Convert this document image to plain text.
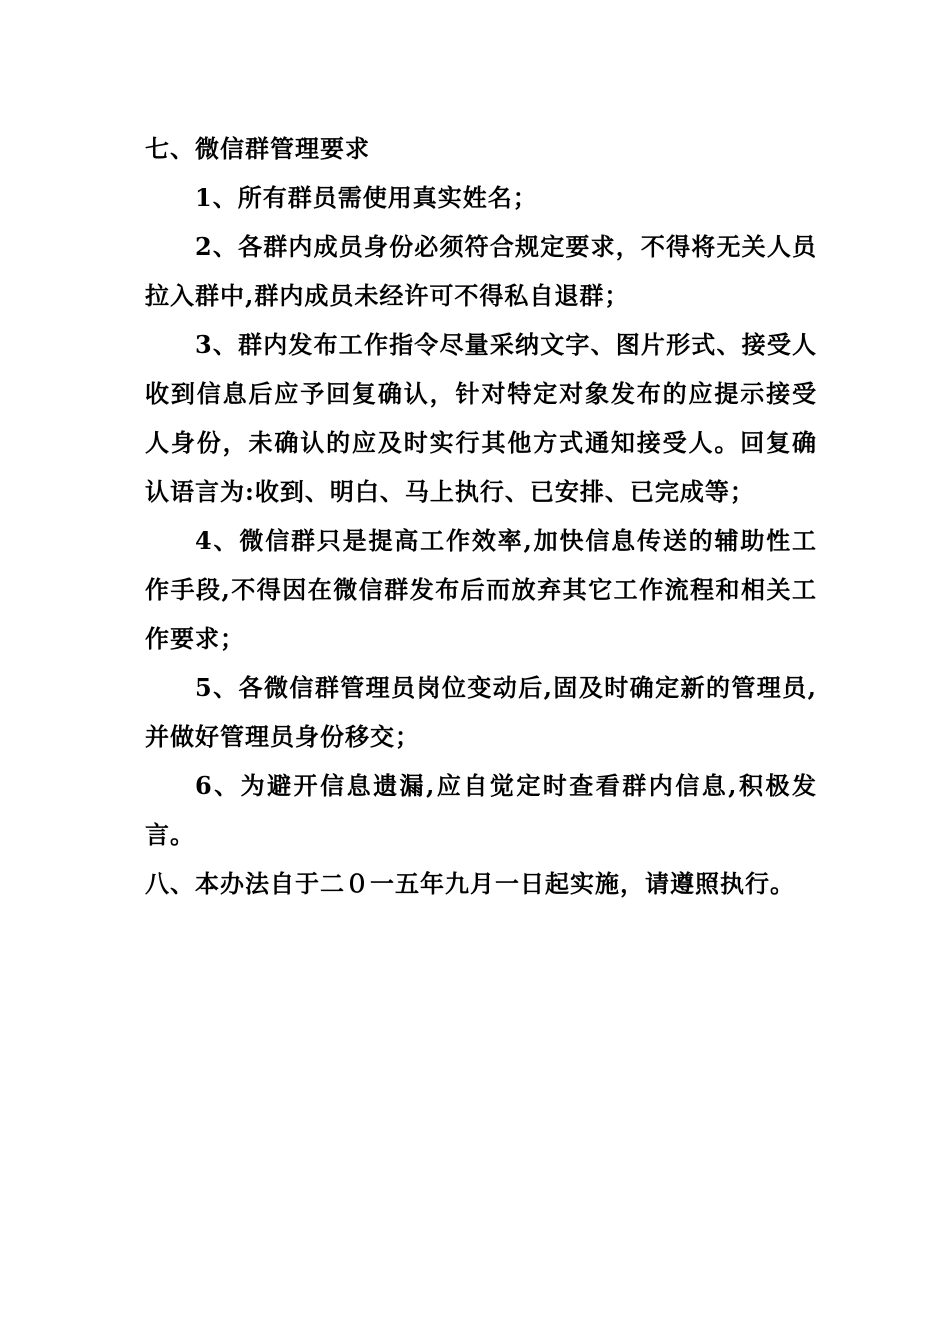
七、微信群管理要求

1、所有群员需使用真实姓名；

2、各群内成员身份必须符合规定要求，不得将无关人员拉入群中,群内成员未经许可不得私自退群；

3、群内发布工作指令尽量采纳文字、图片形式、接受人收到信息后应予回复确认，针对特定对象发布的应提示接受人身份，未确认的应及时实行其他方式通知接受人。回复确认语言为:收到、明白、马上执行、已安排、已完成等；

4、微信群只是提高工作效率,加快信息传送的辅助性工作手段,不得因在微信群发布后而放弃其它工作流程和相关工作要求；

5、各微信群管理员岗位变动后,固及时确定新的管理员,并做好管理员身份移交；

6、为避开信息遗漏,应自觉定时查看群内信息,积极发言。

八、本办法自于二０一五年九月一日起实施，请遵照执行。
